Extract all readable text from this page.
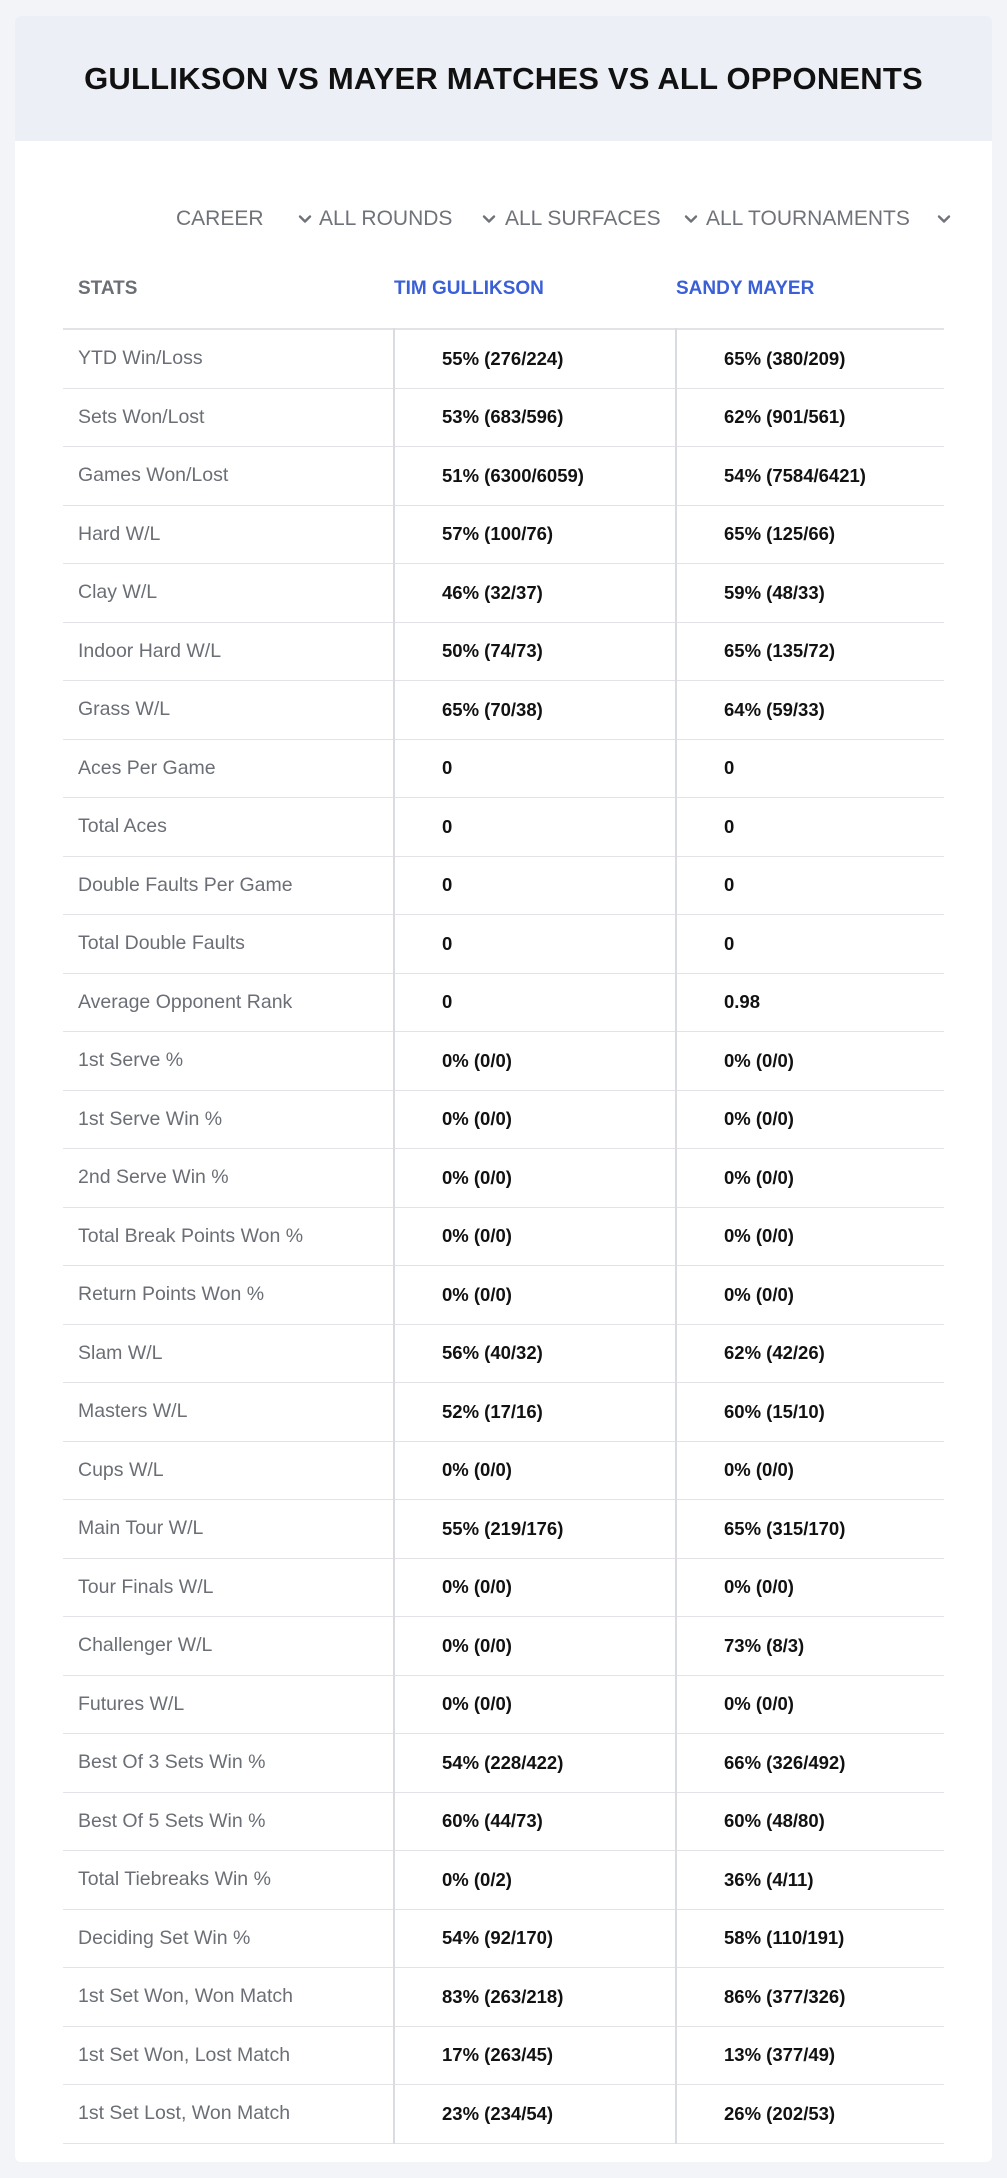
GULLIKSON VS MAYER MATCHES VS ALL OPPONENTS
CAREER	ALL ROUNDS	ALL SURFACES ALL TOURNAMENTS
STATS	TIM GULLIKSON	SANDY MAYER
YTD Win/Loss	55% (276/224)	65% (380/209)
Sets Won/Lost	53% (683/596)	62% (901/561)
Games Won/Lost	51% (6300/6059)	54% (7584/6421)
Hard W/L	57% (100/76)	65% (125/66)
Clay W/L	46% (32/37)	59% (48/33)
Indoor Hard W/L	50% (74/73)	65% (135/72)
Grass W/L	65% (70/38)	64% (59/33)
Aces Per Game	0	0
Total Aces	0	0
Double Faults Per Game	0	0
Total Double Faults	0	0
Average Opponent Rank	0	0.98
1st Serve %	0% (0/0)	0% (0/0)
1st Serve Win %	0% (0/0)	0% (0/0)
2nd Serve Win %	0% (0/0)	0% (0/0)
Total Break Points Won %	0% (0/0)	0% (0/0)
Return Points Won %	0% (0/0)	0% (0/0)
Slam W/L	56% (40/32)	62% (42/26)
Masters W/L	52% (17/16)	60% (15/10)
Cups W/L	0% (0/0)	0% (0/0)
Main Tour W/L	55% (219/176)	65% (315/170)
Tour Finals W/L	0% (0/0)	0% (0/0)
Challenger W/L	0% (0/0)	73% (8/3)
Futures W/L	0% (0/0)	0% (0/0)
Best Of 3 Sets Win %	54% (228/422)	66% (326/492)
Best Of 5 Sets Win %	60% (44/73)	60% (48/80)
Total Tiebreaks Win %	0% (0/2)	36% (4/11)
Deciding Set Win %	54% (92/170)	58% (110/191)
1st Set Won, Won Match	83% (263/218)	86% (377/326)
1st Set Won, Lost Match	17% (263/45)	13% (377/49)
1st Set Lost, Won Match	23% (234/54)	26% (202/53)
